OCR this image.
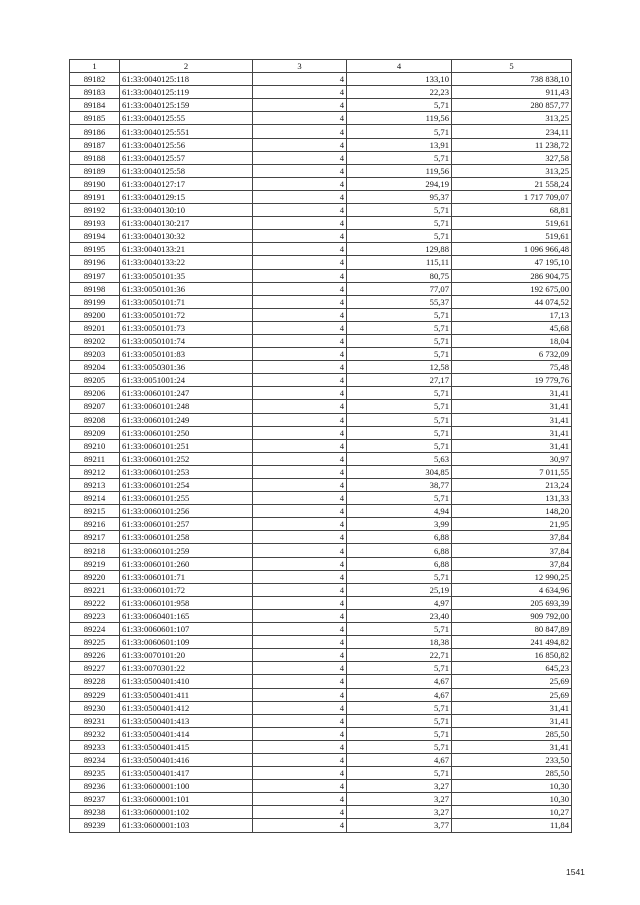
1	2	3	4	5
89182	61:33:0040125:118	4	133,10	738 838,10
89183	61:33:0040125:119	4	22,23	911,43
89184	61:33:0040125:159	4	5,71	280 857,77
89185	61:33:0040125:55	4	119,56	313,25
89186	61:33:0040125:551	4	5,71	234,11
89187	61:33:0040125:56	4	13,91	11 238,72
89188	61:33:0040125:57	4	5,71	327,58
89189	61:33:0040125:58	4	119,56	313,25
89190	61:33:0040127:17	4	294,19	21 558,24
89191	61:33:0040129:15	4	95,37	1 717 709,07
89192	61:33:0040130:10	4	5,71	68,81
89193	61:33:0040130:217	4	5,71	519,61
89194	61:33:0040130:32	4	5,71	519,61
89195	61:33:0040133:21	4	129,88	1 096 966,48
89196	61:33:0040133:22	4	115,11	47 195,10
89197	61:33:0050101:35	4	80,75	286 904,75
89198	61:33:0050101:36	4	77,07	192 675,00
89199	61:33:0050101:71	4	55,37	44 074,52
89200	61:33:0050101:72	4	5,71	17,13
89201	61:33:0050101:73	4	5,71	45,68
89202	61:33:0050101:74	4	5,71	18,04
89203	61:33:0050101:83	4	5,71	6 732,09
89204	61:33:0050301:36	4	12,58	75,48
89205	61:33:0051001:24	4	27,17	19 779,76
89206	61:33:0060101:247	4	5,71	31,41
89207	61:33:0060101:248	4	5,71	31,41
89208	61:33:0060101:249	4	5,71	31,41
89209	61:33:0060101:250	4	5,71	31,41
89210	61:33:0060101:251	4	5,71	31,41
89211	61:33:0060101:252	4	5,63	30,97
89212	61:33:0060101:253	4	304,85	7 011,55
89213	61:33:0060101:254	4	38,77	213,24
89214	61:33:0060101:255	4	5,71	131,33
89215	61:33:0060101:256	4	4,94	148,20
89216	61:33:0060101:257	4	3,99	21,95
89217	61:33:0060101:258	4	6,88	37,84
89218	61:33:0060101:259	4	6,88	37,84
89219	61:33:0060101:260	4	6,88	37,84
89220	61:33:0060101:71	4	5,71	12 990,25
89221	61:33:0060101:72	4	25,19	4 634,96
89222	61:33:0060101:958	4	4,97	205 693,39
89223	61:33:0060401:165	4	23,40	909 792,00
89224	61:33:0060601:107	4	5,71	80 847,89
89225	61:33:0060601:109	4	18,38	241 494,82
89226	61:33:0070101:20	4	22,71	16 850,82
89227	61:33:0070301:22	4	5,71	645,23
89228	61:33:0500401:410	4	4,67	25,69
89229	61:33:0500401:411	4	4,67	25,69
89230	61:33:0500401:412	4	5,71	31,41
89231	61:33:0500401:413	4	5,71	31,41
89232	61:33:0500401:414	4	5,71	285,50
89233	61:33:0500401:415	4	5,71	31,41
89234	61:33:0500401:416	4	4,67	233,50
89235	61:33:0500401:417	4	5,71	285,50
89236	61:33:0600001:100	4	3,27	10,30
89237	61:33:0600001:101	4	3,27	10,30
89238	61:33:0600001:102	4	3,27	10,27
89239	61:33:0600001:103	4	3,77	11,84
1541
